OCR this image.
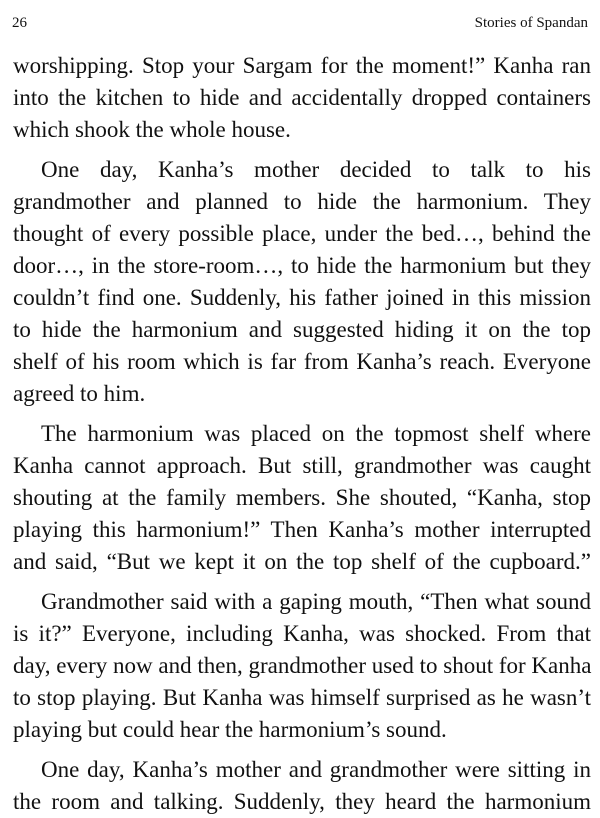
26	Stories of Spandan
worshipping. Stop your Sargam for the moment!” Kanha ran
into the kitchen to hide and accidentally dropped containers
which shook the whole house.
One day, Kanha’s mother decided to talk to his
grandmother and planned to hide the harmonium. They
thought of every possible place, under the bed…, behind the
door…, in the store-room…, to hide the harmonium but they
couldn’t find one. Suddenly, his father joined in this mission
to hide the harmonium and suggested hiding it on the top
shelf of his room which is far from Kanha’s reach. Everyone
agreed to him.
The harmonium was placed on the topmost shelf where
Kanha cannot approach. But still, grandmother was caught
shouting at the family members. She shouted, “Kanha, stop
playing this harmonium!” Then Kanha’s mother interrupted
and said, “But we kept it on the top shelf of the cupboard.”
Grandmother said with a gaping mouth, “Then what sound
is it?” Everyone, including Kanha, was shocked. From that
day, every now and then, grandmother used to shout for Kanha
to stop playing. But Kanha was himself surprised as he wasn’t
playing but could hear the harmonium’s sound.
One day, Kanha’s mother and grandmother were sitting in
the room and talking. Suddenly, they heard the harmonium
